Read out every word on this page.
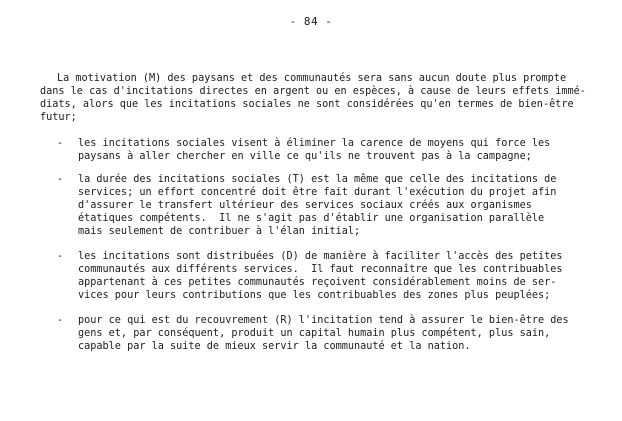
- 84 -
La motivation (M) des paysans et des communautés sera sans aucun doute plus prompte
dans le cas d'incitations directes en argent ou en espèces, à cause de leurs effets immé-
diats, alors que les incitations sociales ne sont considérées qu'en termes de bien-être
futur;
- les incitations sociales visent à éliminer la carence de moyens qui force les
paysans à aller chercher en ville ce qu'ils ne trouvent pas à la campagne;
- la durée des incitations sociales (T) est la même que celle des incitations de
services; un effort concentré doit être fait durant l'exécution du projet afin
d'assurer le transfert ultérieur des services sociaux créés aux organismes
étatiques compétents.  Il ne s'agit pas d'établir une organisation parallèle
mais seulement de contribuer à l'élan initial;
- les incitations sont distribuées (D) de manière à faciliter l'accès des petites
communautés aux différents services.  Il faut reconnaître que les contribuables
appartenant à ces petites communautés reçoivent considérablement moins de ser-
vices pour leurs contributions que les contribuables des zones plus peuplées;
- pour ce qui est du recouvrement (R) l'incitation tend à assurer le bien-être des
gens et, par conséquent, produit un capital humain plus compétent, plus sain,
capable par la suite de mieux servir la communauté et la nation.
